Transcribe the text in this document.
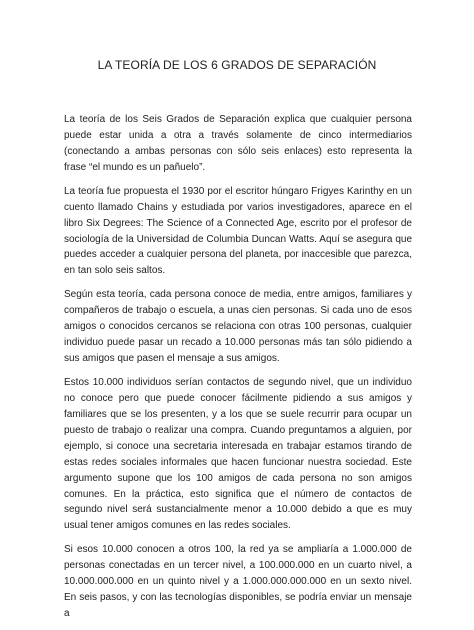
LA TEORÍA DE LOS 6 GRADOS DE SEPARACIÓN

La teoría de los Seis Grados de Separación explica que cualquier persona puede estar unida a otra a través solamente de cinco intermediarios (conectando a ambas personas con sólo seis enlaces) esto representa la frase “el mundo es un pañuelo”.

La teoría fue propuesta el 1930 por el escritor húngaro Frigyes Karinthy en un cuento llamado Chains y estudiada por varios investigadores, aparece en el libro Six Degrees: The Science of a Connected Age, escrito por el profesor de sociología de la Universidad de Columbia Duncan Watts. Aquí se asegura que puedes acceder a cualquier persona del planeta, por inaccesible que parezca, en tan solo seis saltos.

Según esta teoría, cada persona conoce de media, entre amigos, familiares y compañeros de trabajo o escuela, a unas cien personas. Si cada uno de esos amigos o conocidos cercanos se relaciona con otras 100 personas, cualquier individuo puede pasar un recado a 10.000 personas más tan sólo pidiendo a sus amigos que pasen el mensaje a sus amigos.

Estos 10.000 individuos serían contactos de segundo nivel, que un individuo no conoce pero que puede conocer fácilmente pidiendo a sus amigos y familiares que se los presenten, y a los que se suele recurrir para ocupar un puesto de trabajo o realizar una compra. Cuando preguntamos a alguien, por ejemplo, si conoce una secretaria interesada en trabajar estamos tirando de estas redes sociales informales que hacen funcionar nuestra sociedad. Este argumento supone que los 100 amigos de cada persona no son amigos comunes. En la práctica, esto significa que el número de contactos de segundo nivel será sustancialmente menor a 10.000 debido a que es muy usual tener amigos comunes en las redes sociales.

Si esos 10.000 conocen a otros 100, la red ya se ampliaría a 1.000.000 de personas conectadas en un tercer nivel, a 100.000.000 en un cuarto nivel, a 10.000.000.000 en un quinto nivel y a 1.000.000.000.000 en un sexto nivel. En seis pasos, y con las tecnologías disponibles, se podría enviar un mensaje a
